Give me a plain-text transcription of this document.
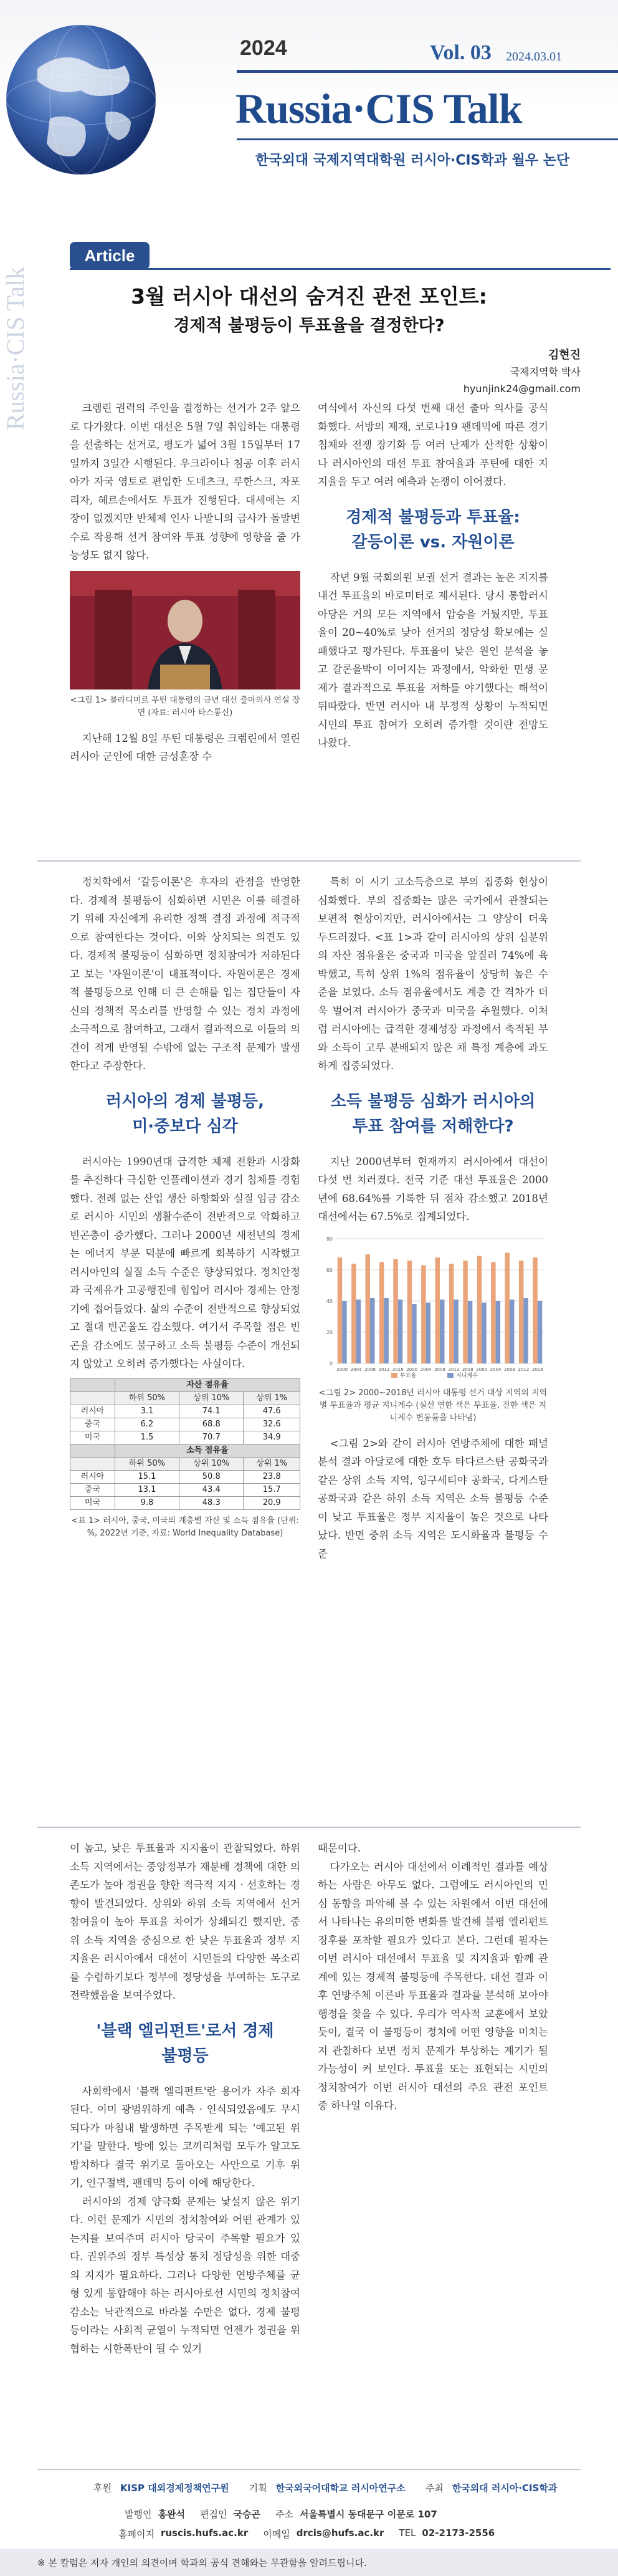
2024	Vol. 03 2024.03.01
Russia·CIS Talk
한국외대 국제지역대학원 러시아·CIS학과 월우 논단
Russia·CIS Talk
Article
3월 러시아 대선의 숨겨진 관전 포인트:
경제적 불평등이 투표율을 결정한다?
김현진
국제지역학 박사
hyunjink24@gmail.com

크렘린 권력의 주인을 결정하는 선거가 2주 앞으로 다가왔다. 이번 대선은 5월 7일 취임하는 대통령을 선출하는 선거로, 평도가 넓어 3월 15일부터 17일까지 3일간 시행된다. 우크라이나 침공 이후 러시아가 자국 영토로 편입한 도네츠크, 루한스크, 자포리자, 헤르손에서도 투표가 진행된다. 대세에는 지장이 없겠지만 반체제 인사 나발니의 급사가 돌발변수로 작용해 선거 참여와 투표 성향에 영향을 줄 가능성도 없지 않다.

<그림 1> 블라디미르 푸틴 대통령의 금년 대선 출마의사 연설 장면 (자료: 러시아 타스통신)

지난해 12월 8일 푸틴 대통령은 크렘린에서 열린 러시아 군인에 대한 금성훈장 수

여식에서 자신의 다섯 번째 대선 출마 의사를 공식화했다. 서방의 제재, 코로나19 팬데믹에 따른 경기 침체와 전쟁 장기화 등 여러 난제가 산적한 상황이나 러시아인의 대선 투표 참여율과 푸틴에 대한 지지율을 두고 여러 예측과 논쟁이 이어졌다.

경제적 불평등과 투표율:
갈등이론 vs. 자원이론

작년 9월 국회의원 보궐 선거 결과는 높은 지지를 내건 투표율의 바로미터로 제시된다. 당시 통합러시아당은 거의 모든 지역에서 압승을 거뒀지만, 투표율이 20~40%로 낮아 선거의 정당성 확보에는 실패했다고 평가된다. 투표율이 낮은 원인 분석을 놓고 갈론을박이 이어지는 과정에서, 악화한 민생 문제가 결과적으로 투표율 저하를 야기했다는 해석이 뒤따랐다. 반면 러시아 내 부정적 상황이 누적되면 시민의 투표 참여가 오히려 증가할 것이란 전망도 나왔다.

정치학에서 '갈등이론'은 후자의 관점을 반영한다. 경제적 불평등이 심화하면 시민은 이를 해결하기 위해 자신에게 유리한 정책 결정 과정에 적극적으로 참여한다는 것이다. 이와 상치되는 의견도 있다. 경제적 불평등이 심화하면 정치참여가 저하된다고 보는 '자원이론'이 대표적이다. 자원이론은 경제적 불평등으로 인해 더 큰 손해를 입는 집단들이 자신의 정책적 목소리를 반영할 수 있는 정치 과정에 소극적으로 참여하고, 그래서 결과적으로 이들의 의견이 적게 반영될 수밖에 없는 구조적 문제가 발생한다고 주장한다.

러시아의 경제 불평등,
미·중보다 심각

러시아는 1990년대 급격한 체제 전환과 시장화를 추진하다 극심한 인플레이션과 경기 침체를 경험했다. 전례 없는 산업 생산 하향화와 실질 임금 감소로 러시아 시민의 생활수준이 전반적으로 악화하고 빈곤층이 증가했다. 그러나 2000년 새천년의 경제는 에너지 부문 덕분에 빠르게 회복하기 시작했고 러시아인의 실질 소득 수준은 향상되었다. 정치안정과 국제유가 고공행진에 힘입어 러시아 경제는 안정기에 접어들었다. 삶의 수준이 전반적으로 향상되었고 절대 빈곤율도 감소했다. 여기서 주목할 점은 빈곤율 감소에도 불구하고 소득 불평등 수준이 개선되지 않았고 오히려 증가했다는 사실이다.

	자산 점유율		
	하위 50%	상위 10%	상위 1%
러시아	3.1	74.1	47.6
중국	6.2	68.8	32.6
미국	1.5	70.7	34.9
	소득 점유율		
	하위 50%	상위 10%	상위 1%
러시아	15.1	50.8	23.8
중국	13.1	43.4	15.7
미국	9.8	48.3	20.9
<표 1> 러시아, 중국, 미국의 계층별 자산 및 소득 점유율 (단위: %, 2022년 기준, 자료: World Inequality Database)

특히 이 시기 고소득층으로 부의 집중화 현상이 심화했다. 부의 집중화는 많은 국가에서 관찰되는 보편적 현상이지만, 러시아에서는 그 양상이 더욱 두드러졌다. <표 1>과 같이 러시아의 상위 십분위의 자산 점유율은 중국과 미국을 앞질러 74%에 육박했고, 특히 상위 1%의 점유율이 상당히 높은 수준을 보였다. 소득 점유율에서도 계층 간 격차가 더욱 벌어져 러시아가 중국과 미국을 추월했다. 이처럼 러시아에는 급격한 경제성장 과정에서 축적된 부와 소득이 고루 분배되지 않은 채 특정 계층에 과도하게 집중되었다.

소득 불평등 심화가 러시아의
투표 참여를 저해한다?

지난 2000년부터 현재까지 러시아에서 대선이 다섯 번 치러졌다. 전국 기준 대선 투표율은 2000년에 68.64%를 기록한 뒤 점차 감소했고 2018년 대선에서는 67.5%로 집계되었다.

0
20
40
60
80
2000 2004 2008 2012 2018 2000 2004 2008 2012 2018 2000 2004 2008 2012 2018
투표율	지니계수
<그림 2> 2000~2018년 러시아 대통령 선거 대상 지역의 지역별 투표율과 평균 지니계수 (실선 연한 색은 투표율, 진한 색은 지니계수 변동률을 나타냄)

<그림 2>와 같이 러시아 연방주체에 대한 패널 분석 결과 아달로에 대한 호두 타다르스탄 공화국과 같은 상위 소득 지역, 잉구세티야 공화국, 다게스탄공화국과 같은 하위 소득 지역은 소득 불평등 수준이 낮고 투표율은 정부 지지율이 높은 것으로 나타났다. 반면 중위 소득 지역은 도시화율과 불평등 수준

이 높고, 낮은 투표율과 지지율이 관찰되었다. 하위 소득 지역에서는 중앙정부가 재분배 정책에 대한 의존도가 높아 정권을 향한 적극적 지지 · 선호하는 경향이 발견되었다. 상위와 하위 소득 지역에서 선거 참여율이 높아 투표율 차이가 상쇄되긴 했지만, 중위 소득 지역을 중심으로 한 낮은 투표율과 정부 지지율은 러시아에서 대선이 시민들의 다양한 목소리를 수렴하기보다 정부에 정당성을 부여하는 도구로 전략했음을 보여주었다.

'블랙 엘리펀트'로서 경제
불평등

사회학에서 '블랙 엘리펀트'란 용어가 자주 회자된다. 이미 광범위하게 예측 · 인식되었음에도 무시되다가 마침내 발생하면 주목받게 되는 '예고된 위기'를 말한다. 방에 있는 코끼리처럼 모두가 알고도 방치하다 결국 위기로 돌아오는 사안으로 기후 위기, 인구절벽, 팬데믹 등이 이에 해당한다.

러시아의 경제 양극화 문제는 낯설지 않은 위기다. 이런 문제가 시민의 정치참여와 어떤 관계가 있는지를 보여주며 러시아 당국이 주목할 필요가 있다. 권위주의 정부 특성상 통치 정당성을 위한 대중의 지지가 필요하다. 그러나 다양한 연방주체를 균형 있게 통합해야 하는 러시아로선 시민의 정치참여 감소는 낙관적으로 바라볼 수만은 없다. 경제 불평등이라는 사회적 균열이 누적되면 언젠가 정권을 위협하는 시한폭탄이 될 수 있기

때문이다.

다가오는 러시아 대선에서 이례적인 결과를 예상하는 사람은 아무도 없다. 그럼에도 러시아인의 민심 동향을 파악해 볼 수 있는 차원에서 이번 대선에서 나타나는 유의미한 변화를 발견해 불평 엘리펀트 징후를 포착할 필요가 있다고 본다. 그런데 필자는 이번 러시아 대선에서 투표율 및 지지율과 함께 관계에 있는 경제적 불평등에 주목한다. 대선 결과 이후 연방주체 이른바 투표율과 결과를 분석해 보아야 행정을 찾을 수 있다. 우리가 역사적 교훈에서 보았듯이, 결국 이 불평등이 정치에 어떤 영향을 미치는지 관찰하다 보면 정치 문제가 부상하는 계기가 될 가능성이 커 보인다. 투표율 또는 표현되는 시민의 정치참여가 이번 러시아 대선의 주요 관전 포인트 중 하나일 이유다.

후원 KISP 대외경제정책연구원 기획 한국외국어대학교 러시아연구소 주최 한국외대 러시아·CIS학과
발행인 홍완석 편집인 국승곤 주소 서울특별시 동대문구 이문로 107
홈페이지 ruscis.hufs.ac.kr 이메일 drcis@hufs.ac.kr TEL 02-2173-2556
※ 본 칼럼은 저자 개인의 의견이며 학과의 공식 견해와는 무관함을 알려드립니다.
